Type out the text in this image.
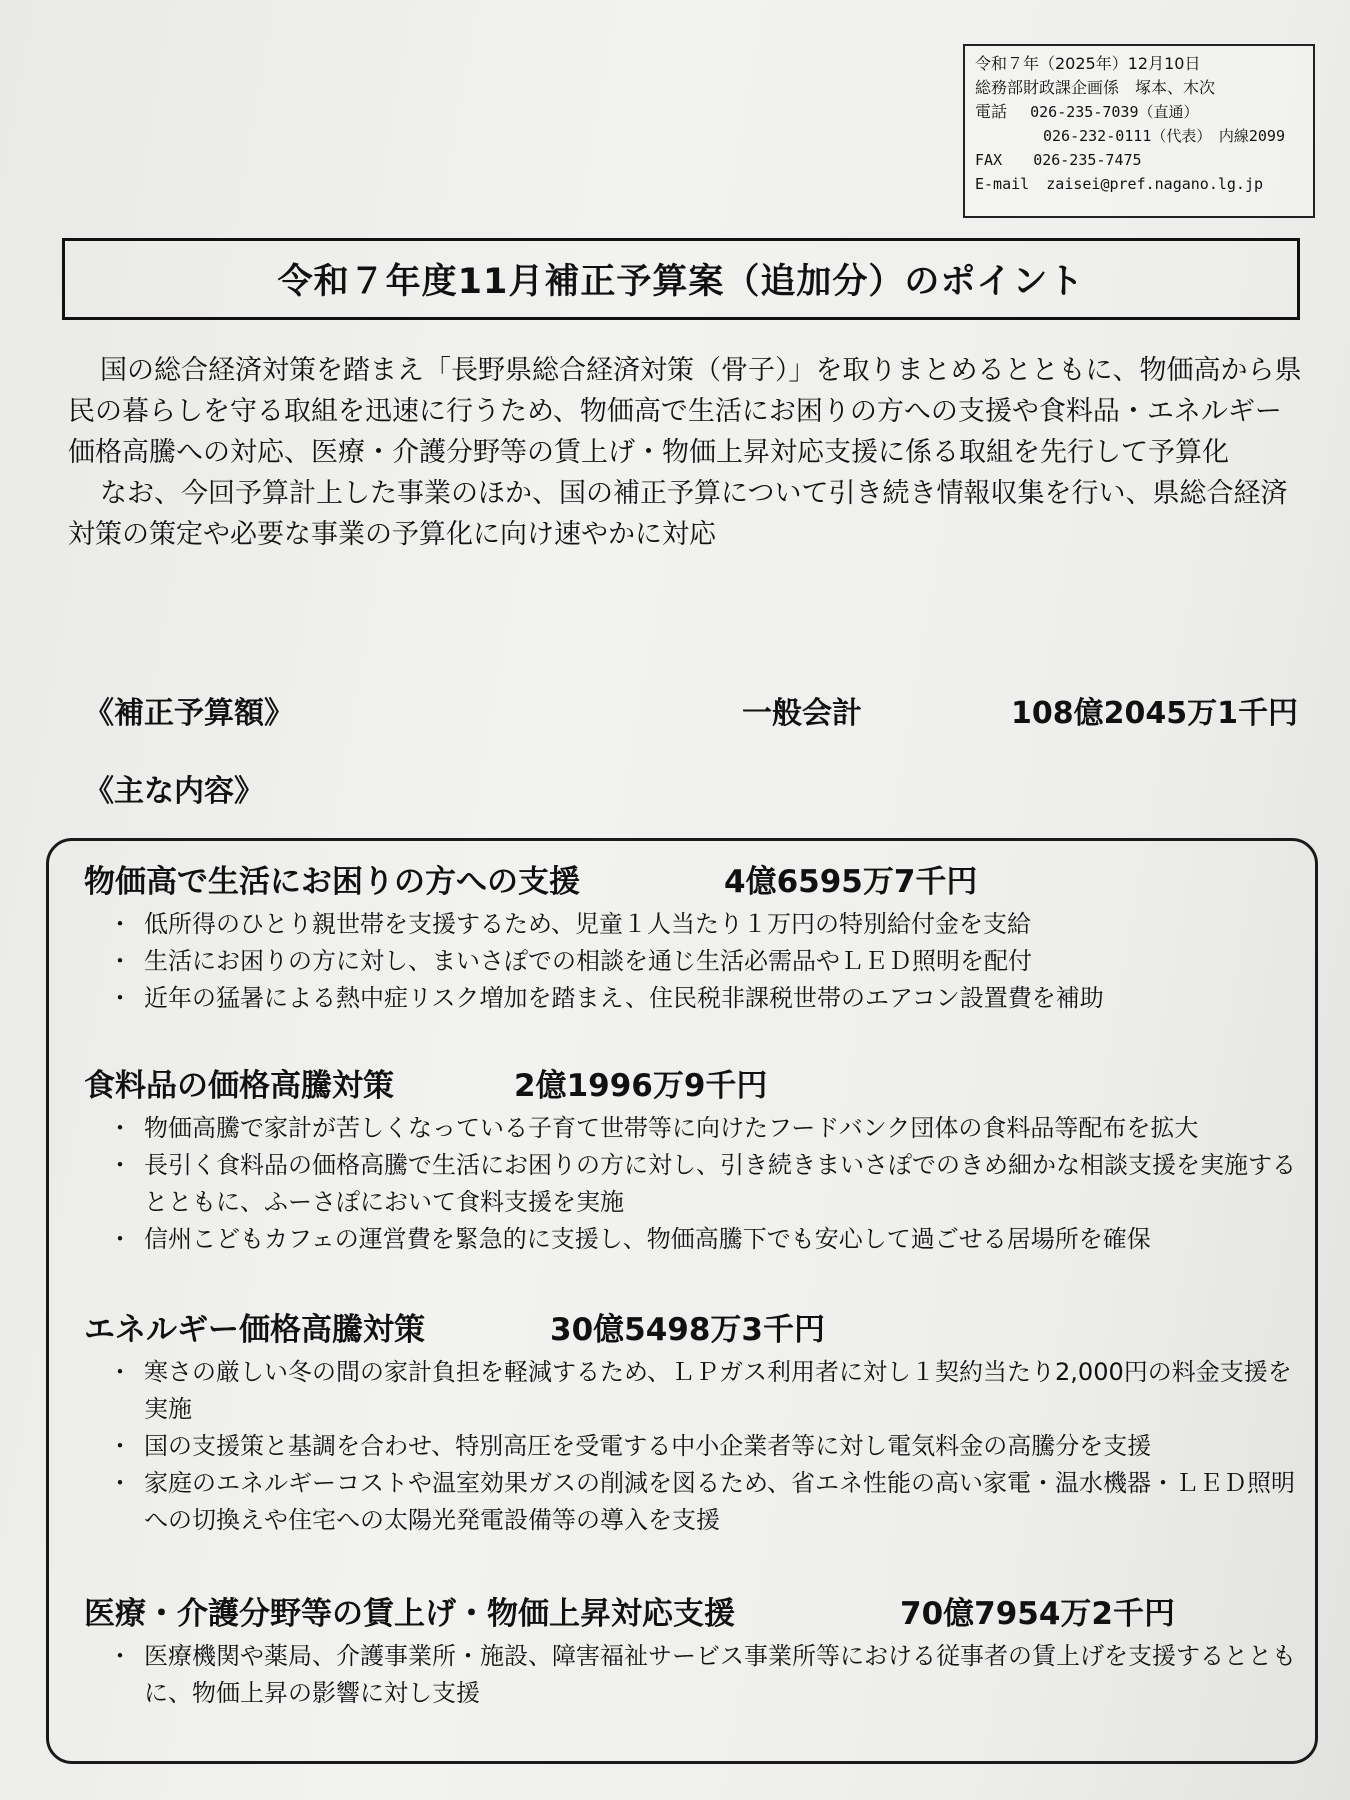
令和７年（2025年）12月10日
総務部財政課企画係　塚本、木次
電話 026-235-7039（直通）
026-232-0111（代表）　内線2099
FAX 026-235-7475
E-mail zaisei@pref.nagano.lg.jp
令和７年度11月補正予算案（追加分）のポイント

国の総合経済対策を踏まえ「長野県総合経済対策（骨子）」を取りまとめるとともに、物価高から県民の暮らしを守る取組を迅速に行うため、物価高で生活にお困りの方への支援や食料品・エネルギー価格高騰への対応、医療・介護分野等の賃上げ・物価上昇対応支援に係る取組を先行して予算化

なお、今回予算計上した事業のほか、国の補正予算について引き続き情報収集を行い、県総合経済対策の策定や必要な事業の予算化に向け速やかに対応

《補正予算額》	一般会計	108億2045万1千円
《主な内容》
物価高で生活にお困りの方への支援	4億6595万7千円
・ 低所得のひとり親世帯を支援するため、児童１人当たり１万円の特別給付金を支給
・ 生活にお困りの方に対し、まいさぽでの相談を通じ生活必需品やＬＥＤ照明を配付
・ 近年の猛暑による熱中症リスク増加を踏まえ、住民税非課税世帯のエアコン設置費を補助
食料品の価格高騰対策	2億1996万9千円
・ 物価高騰で家計が苦しくなっている子育て世帯等に向けたフードバンク団体の食料品等配布を拡大
・ 長引く食料品の価格高騰で生活にお困りの方に対し、引き続きまいさぽでのきめ細かな相談支援を実施するとともに、ふーさぽにおいて食料支援を実施
・ 信州こどもカフェの運営費を緊急的に支援し、物価高騰下でも安心して過ごせる居場所を確保
エネルギー価格高騰対策	30億5498万3千円
・ 寒さの厳しい冬の間の家計負担を軽減するため、ＬＰガス利用者に対し１契約当たり2,000円の料金支援を実施
・ 国の支援策と基調を合わせ、特別高圧を受電する中小企業者等に対し電気料金の高騰分を支援
・ 家庭のエネルギーコストや温室効果ガスの削減を図るため、省エネ性能の高い家電・温水機器・ＬＥＤ照明への切換えや住宅への太陽光発電設備等の導入を支援
医療・介護分野等の賃上げ・物価上昇対応支援	70億7954万2千円
・ 医療機関や薬局、介護事業所・施設、障害福祉サービス事業所等における従事者の賃上げを支援するとともに、物価上昇の影響に対し支援
